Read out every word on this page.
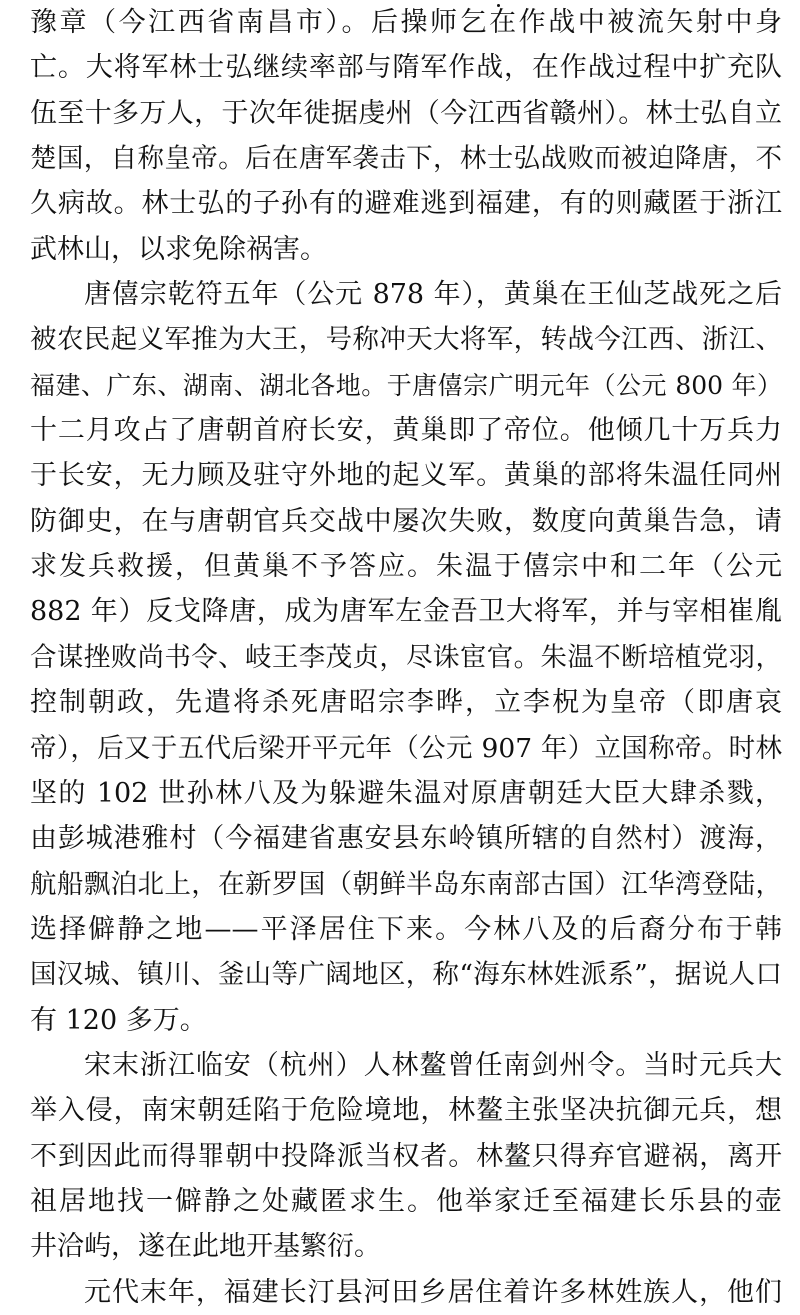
豫章（今江西省南昌市）。后操师乞在作战中被流矢射中身
亡。大将军林士弘继续率部与隋军作战，在作战过程中扩充队
伍至十多万人，于次年徙据虔州（今江西省赣州）。林士弘自立
楚国，自称皇帝。后在唐军袭击下，林士弘战败而被迫降唐，不
久病故。林士弘的子孙有的避难逃到福建，有的则藏匿于浙江
武林山，以求免除祸害。
唐僖宗乾符五年（公元 878 年），黄巢在王仙芝战死之后
被农民起义军推为大王，号称冲天大将军，转战今江西、浙江、
福建、广东、湖南、湖北各地。于唐僖宗广明元年（公元 800 年）
十二月攻占了唐朝首府长安，黄巢即了帝位。他倾几十万兵力
于长安，无力顾及驻守外地的起义军。黄巢的部将朱温任同州
防御史，在与唐朝官兵交战中屡次失败，数度向黄巢告急，请
求发兵救援，但黄巢不予答应。朱温于僖宗中和二年（公元
882 年）反戈降唐，成为唐军左金吾卫大将军，并与宰相崔胤
合谋挫败尚书令、岐王李茂贞，尽诛宦官。朱温不断培植党羽，
控制朝政，先遣将杀死唐昭宗李晔，立李柷为皇帝（即唐哀
帝），后又于五代后梁开平元年（公元 907 年）立国称帝。时林
坚的 102 世孙林八及为躲避朱温对原唐朝廷大臣大肆杀戮，
由彭城港雅村（今福建省惠安县东岭镇所辖的自然村）渡海，
航船飘泊北上，在新罗国（朝鲜半岛东南部古国）江华湾登陆，
选择僻静之地——平泽居住下来。今林八及的后裔分布于韩
国汉城、镇川、釜山等广阔地区，称“海东林姓派系”，据说人口
有 120 多万。
宋末浙江临安（杭州）人林鳌曾任南剑州令。当时元兵大
举入侵，南宋朝廷陷于危险境地，林鳌主张坚决抗御元兵，想
不到因此而得罪朝中投降派当权者。林鳌只得弃官避祸，离开
祖居地找一僻静之处藏匿求生。他举家迁至福建长乐县的壶
井洽屿，遂在此地开基繁衍。
元代末年，福建长汀县河田乡居住着许多林姓族人，他们
